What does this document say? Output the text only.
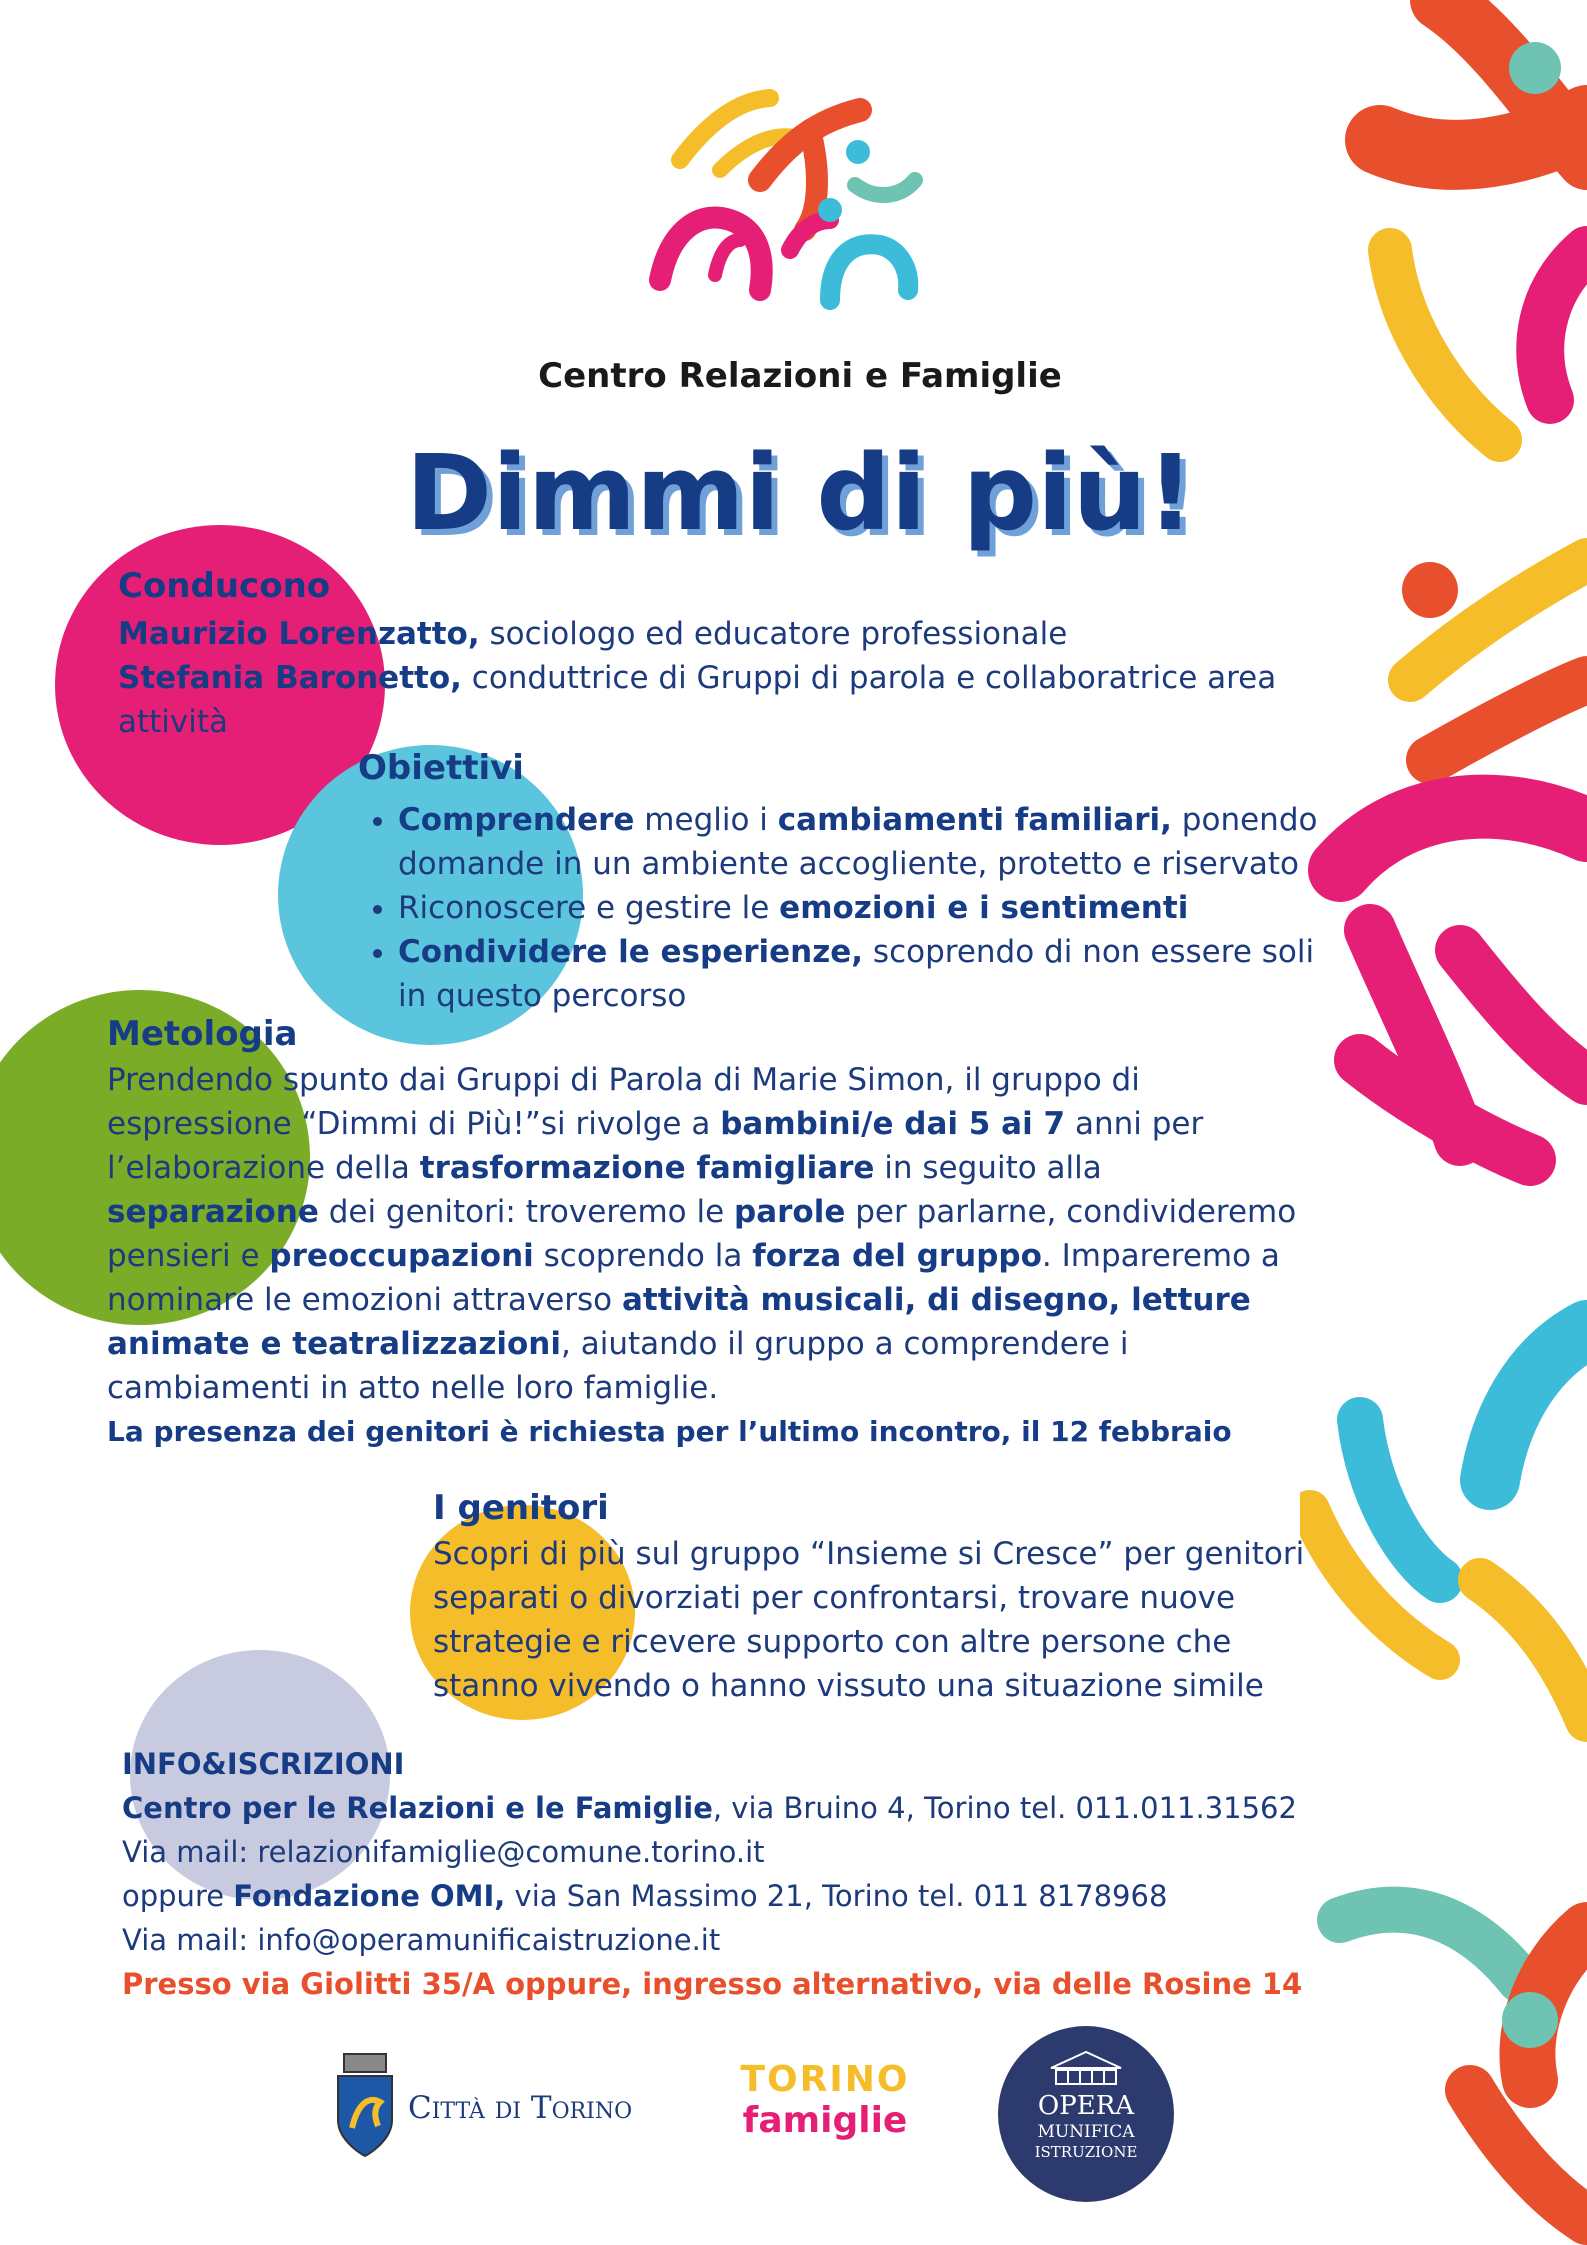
Centro Relazioni e Famiglie
Dimmi di più!
Conducono
Maurizio Lorenzatto, sociologo ed educatore professionale
Stefania Baronetto, conduttrice di Gruppi di parola e collaboratrice area attività
Obiettivi
• Comprendere meglio i cambiamenti familiari, ponendo domande in un ambiente accogliente, protetto e riservato
• Riconoscere e gestire le emozioni e i sentimenti
• Condividere le esperienze, scoprendo di non essere soli in questo percorso
Metologia
Prendendo spunto dai Gruppi di Parola di Marie Simon, il gruppo di espressione “Dimmi di Più!”si rivolge a bambini/e dai 5 ai 7 anni per l’elaborazione della trasformazione famigliare in seguito alla separazione dei genitori: troveremo le parole per parlarne, condivideremo pensieri e preoccupazioni scoprendo la forza del gruppo. Impareremo a nominare le emozioni attraverso attività musicali, di disegno, letture animate e teatralizzazioni, aiutando il gruppo a comprendere i cambiamenti in atto nelle loro famiglie.
La presenza dei genitori è richiesta per l’ultimo incontro, il 12 febbraio
I genitori
Scopri di più sul gruppo “Insieme si Cresce” per genitori separati o divorziati per confrontarsi, trovare nuove strategie e ricevere supporto con altre persone che stanno vivendo o hanno vissuto una situazione simile
INFO&ISCRIZIONI
Centro per le Relazioni e le Famiglie, via Bruino 4, Torino tel. 011.011.31562
Via mail: relazionifamiglie@comune.torino.it
oppure Fondazione OMI, via San Massimo 21, Torino tel. 011 8178968
Via mail: info@operamunificaistruzione.it
Presso via Giolitti 35/A oppure, ingresso alternativo, via delle Rosine 14
Città di Torino
TORINO
famiglie	OPERA
MUNIFICA
ISTRUZIONE
